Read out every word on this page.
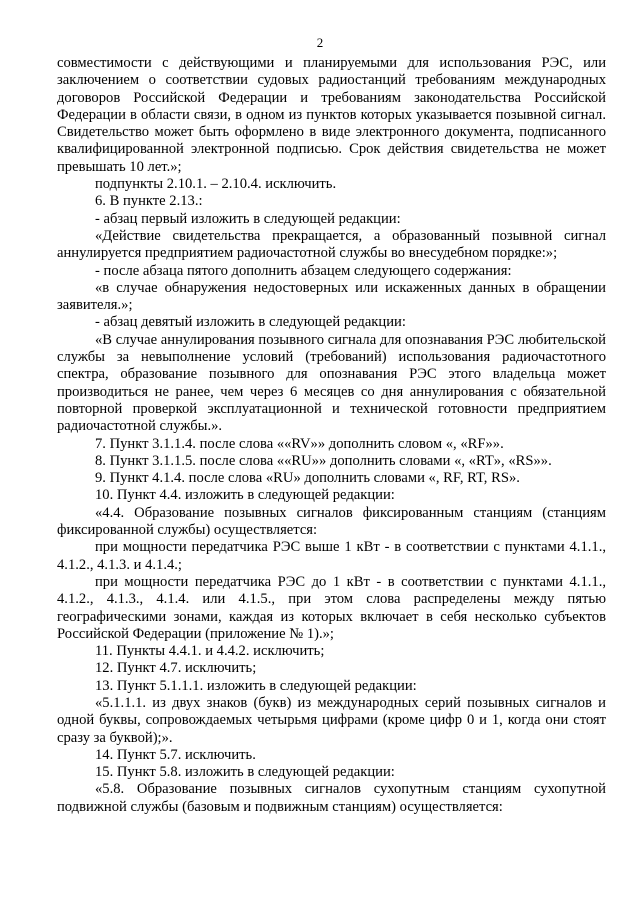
2

совместимости с действующими и планируемыми для использования РЭС, или заключением о соответствии судовых радиостанций требованиям международных договоров Российской Федерации и требованиям законодательства Российской Федерации в области связи, в одном из пунктов которых указывается позывной сигнал. Свидетельство может быть оформлено в виде электронного документа, подписанного квалифицированной электронной подписью. Срок действия свидетельства не может превышать 10 лет.»;

подпункты 2.10.1. – 2.10.4. исключить.

6. В пункте 2.13.:

- абзац первый изложить в следующей редакции:

«Действие свидетельства прекращается, а образованный позывной сигнал аннулируется предприятием радиочастотной службы во внесудебном порядке:»;

- после абзаца пятого дополнить абзацем следующего содержания:

«в случае обнаружения недостоверных или искаженных данных в обращении заявителя.»;

- абзац девятый изложить в следующей редакции:

«В случае аннулирования позывного сигнала для опознавания РЭС любительской службы за невыполнение условий (требований) использования радиочастотного спектра, образование позывного для опознавания РЭС этого владельца может производиться не ранее, чем через 6 месяцев со дня аннулирования с обязательной повторной проверкой эксплуатационной и технической готовности предприятием радиочастотной службы.».

7. Пункт 3.1.1.4. после слова ««RV»» дополнить словом «, «RF»».

8. Пункт 3.1.1.5. после слова ««RU»» дополнить словами «, «RT», «RS»».

9. Пункт 4.1.4. после слова «RU» дополнить словами «, RF, RT, RS».

10. Пункт 4.4. изложить в следующей редакции:

«4.4. Образование позывных сигналов фиксированным станциям (станциям фиксированной службы) осуществляется:

при мощности передатчика РЭС выше 1 кВт - в соответствии с пунктами 4.1.1., 4.1.2., 4.1.3. и 4.1.4.;

при мощности передатчика РЭС до 1 кВт - в соответствии с пунктами 4.1.1., 4.1.2., 4.1.3., 4.1.4. или 4.1.5., при этом слова распределены между пятью географическими зонами, каждая из которых включает в себя несколько субъектов Российской Федерации (приложение № 1).»;

11. Пункты 4.4.1. и 4.4.2. исключить;

12. Пункт 4.7. исключить;

13. Пункт 5.1.1.1. изложить в следующей редакции:

«5.1.1.1. из двух знаков (букв) из международных серий позывных сигналов и одной буквы, сопровождаемых четырьмя цифрами (кроме цифр 0 и 1, когда они стоят сразу за буквой);».

14. Пункт 5.7. исключить.

15. Пункт 5.8. изложить в следующей редакции:

«5.8. Образование позывных сигналов сухопутным станциям сухопутной подвижной службы (базовым и подвижным станциям) осуществляется:
